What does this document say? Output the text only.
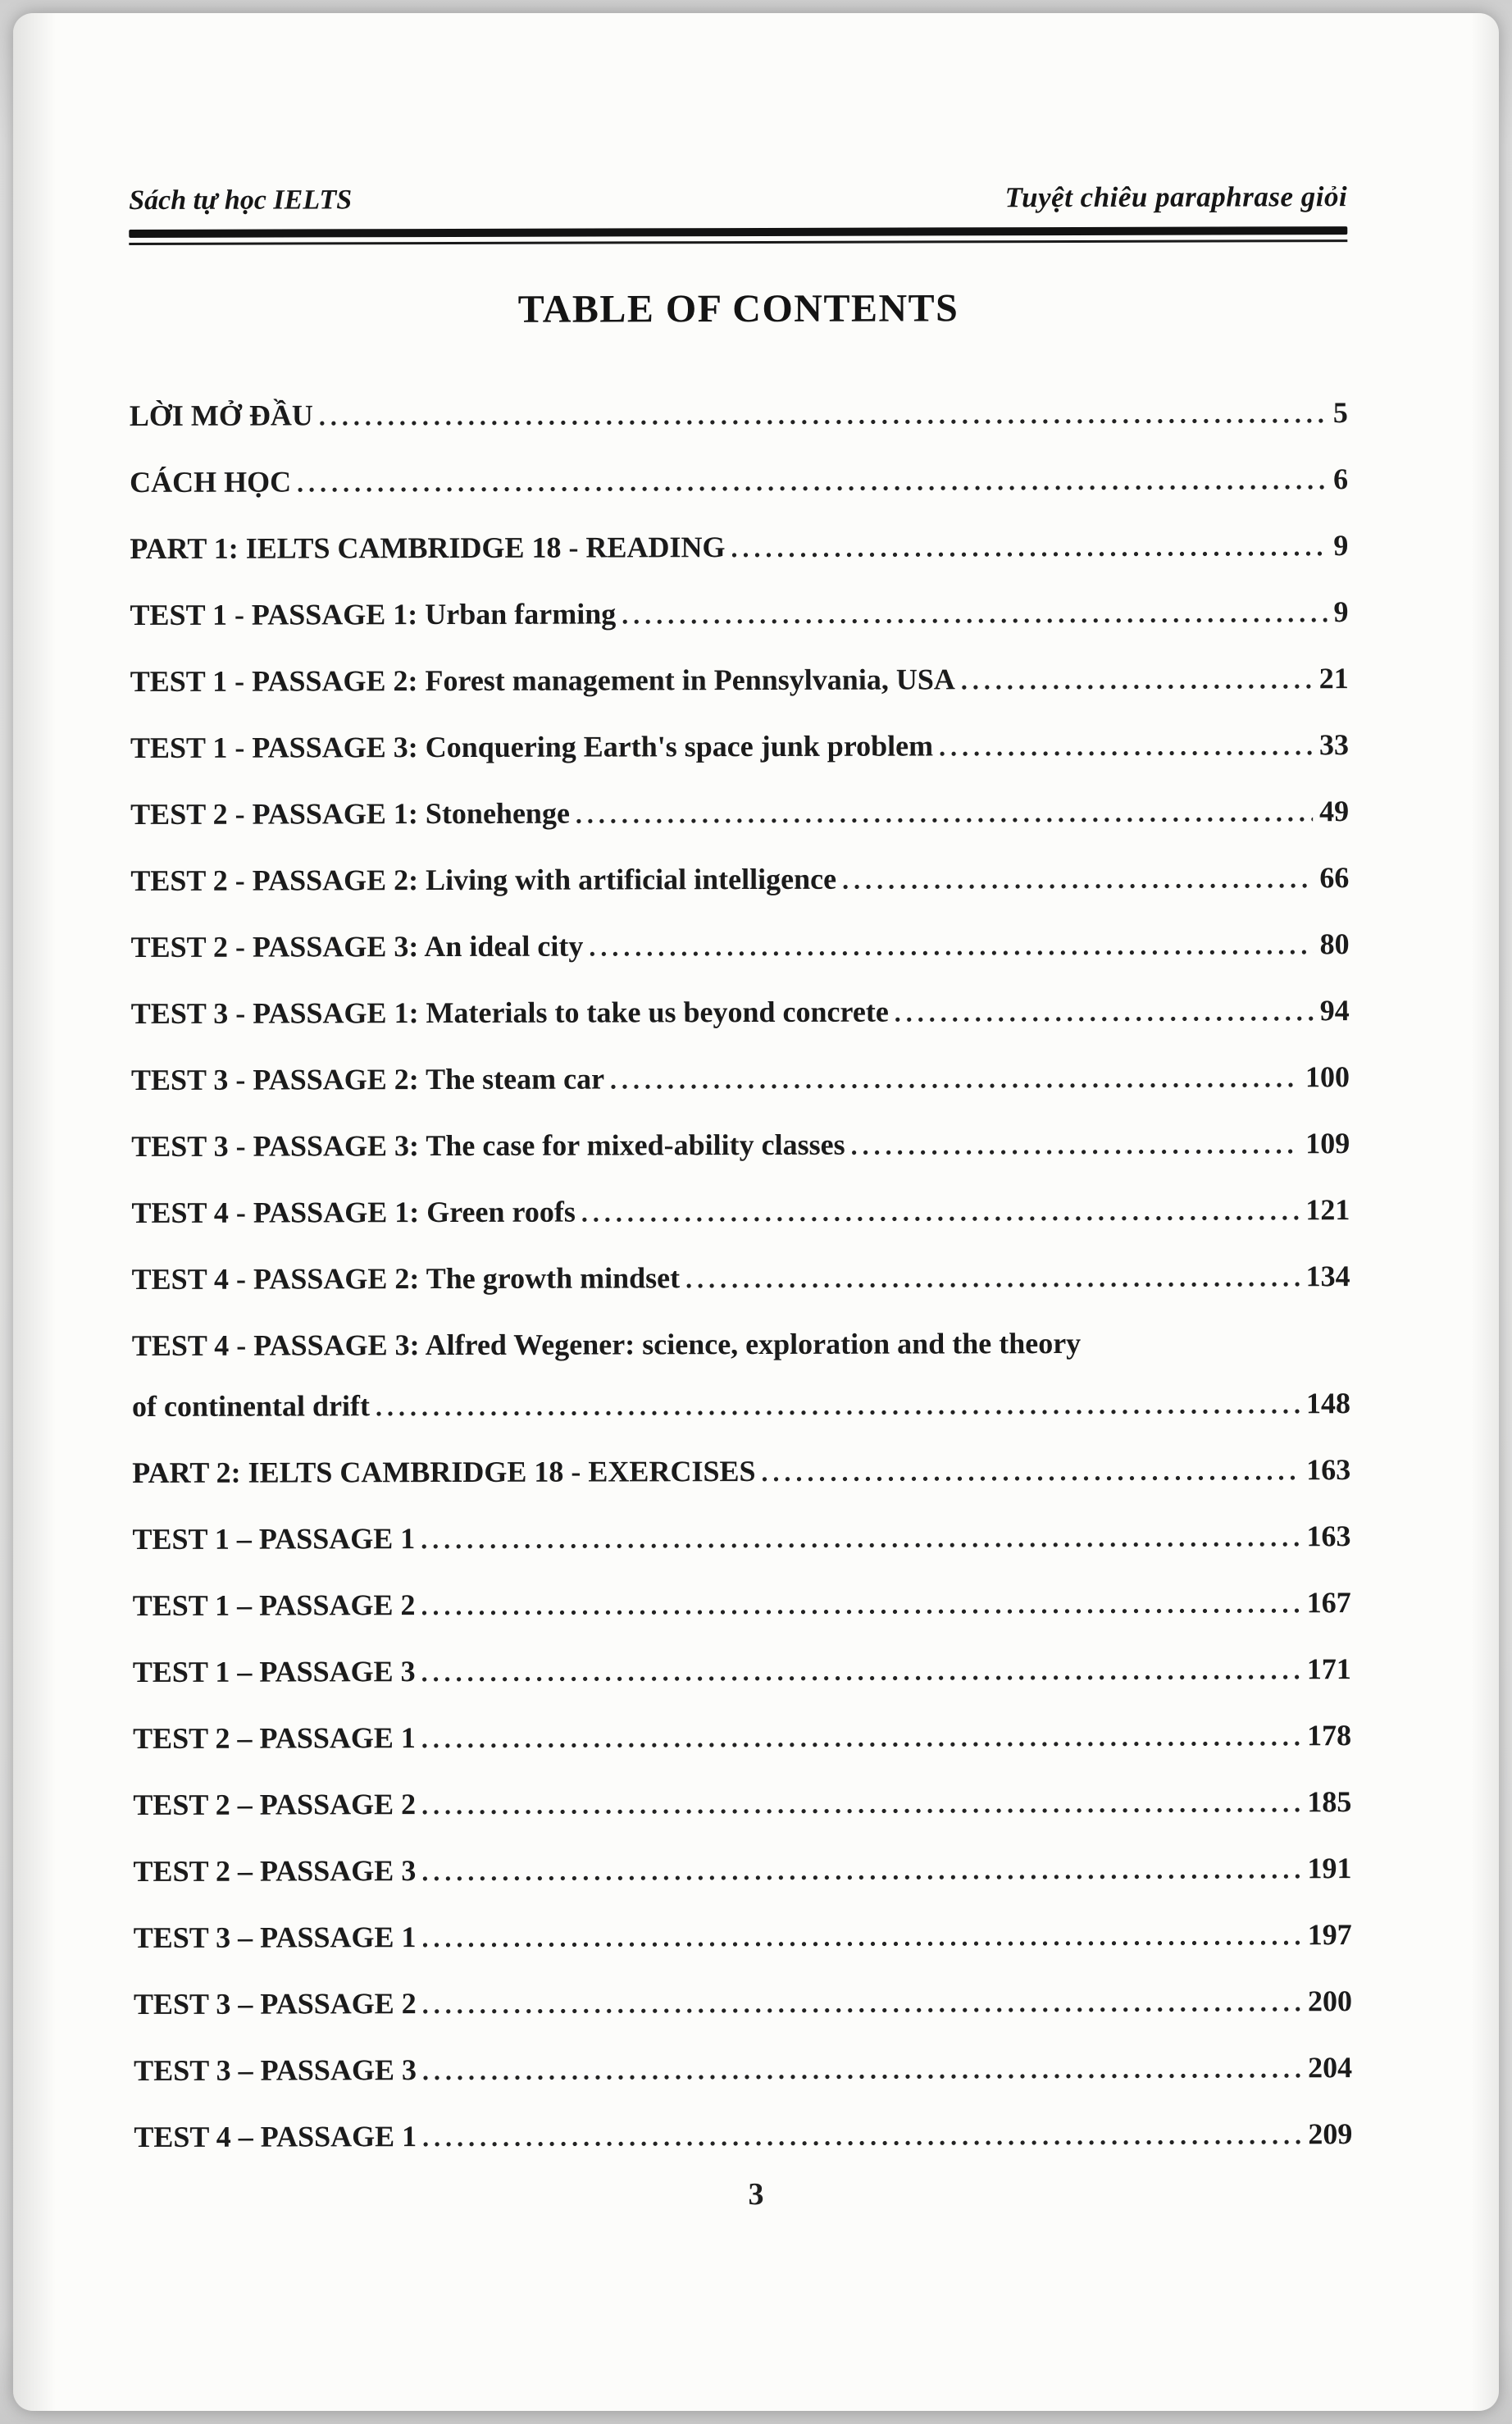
Sách tự học IELTS	Tuyệt chiêu paraphrase giỏi
TABLE OF CONTENTS
LỜI MỞ ĐẦU .....	5
CÁCH HỌC .....	6
PART 1: IELTS CAMBRIDGE 18 - READING .....	9
TEST 1 - PASSAGE 1: Urban farming .....	9
TEST 1 - PASSAGE 2: Forest management in Pennsylvania, USA .....	21
TEST 1 - PASSAGE 3: Conquering Earth's space junk problem .....	33
TEST 2 - PASSAGE 1: Stonehenge .....	49
TEST 2 - PASSAGE 2: Living with artificial intelligence .....	66
TEST 2 - PASSAGE 3: An ideal city .....	80
TEST 3 - PASSAGE 1: Materials to take us beyond concrete .....	94
TEST 3 - PASSAGE 2: The steam car .....	100
TEST 3 - PASSAGE 3: The case for mixed-ability classes .....	109
TEST 4 - PASSAGE 1: Green roofs .....	121
TEST 4 - PASSAGE 2: The growth mindset .....	134
TEST 4 - PASSAGE 3: Alfred Wegener: science, exploration and the theory
of continental drift .....	148
PART 2: IELTS CAMBRIDGE 18 - EXERCISES .....	163
TEST 1 – PASSAGE 1 .....	163
TEST 1 – PASSAGE 2 .....	167
TEST 1 – PASSAGE 3 .....	171
TEST 2 – PASSAGE 1 .....	178
TEST 2 – PASSAGE 2 .....	185
TEST 2 – PASSAGE 3 .....	191
TEST 3 – PASSAGE 1 .....	197
TEST 3 – PASSAGE 2 .....	200
TEST 3 – PASSAGE 3 .....	204
TEST 4 – PASSAGE 1 .....	209
3
